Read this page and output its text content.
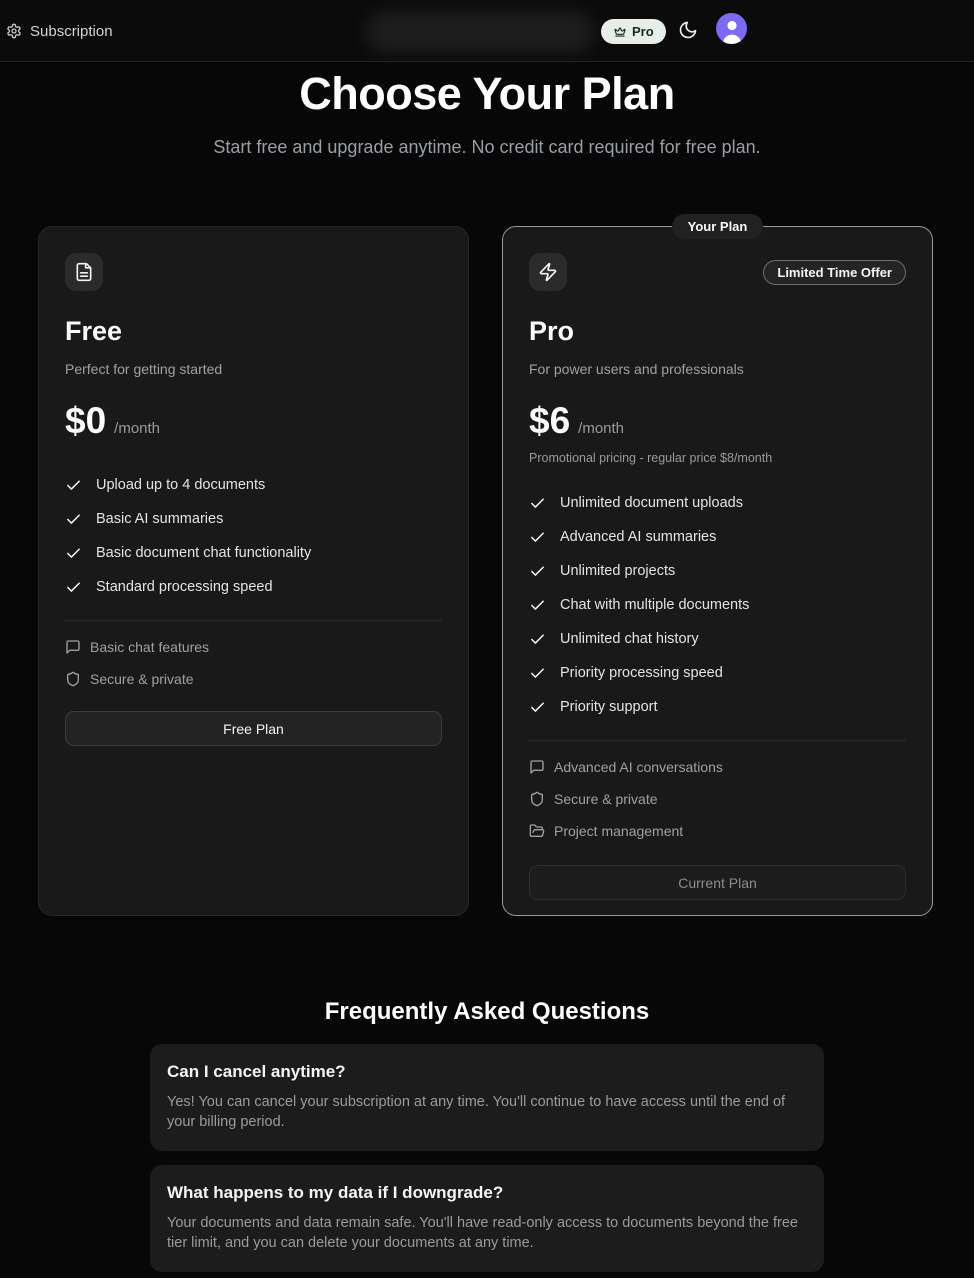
Subscription	Pro
Choose Your Plan

Start free and upgrade anytime. No credit card required for free plan.

Free
Perfect for getting started
$0 /month
Upload up to 4 documents
Basic AI summaries
Basic document chat functionality
Standard processing speed
Basic chat features
Secure & private
Free Plan
Your Plan
Limited Time Offer
Pro
For power users and professionals
$6 /month
Promotional pricing - regular price $8/month
Unlimited document uploads
Advanced AI summaries
Unlimited projects
Chat with multiple documents
Unlimited chat history
Priority processing speed
Priority support
Advanced AI conversations
Secure & private
Project management
Current Plan
Frequently Asked Questions
Can I cancel anytime?
Yes! You can cancel your subscription at any time. You'll continue to have access until the end of your billing period.
What happens to my data if I downgrade?
Your documents and data remain safe. You'll have read-only access to documents beyond the free tier limit, and you can delete your documents at any time.
